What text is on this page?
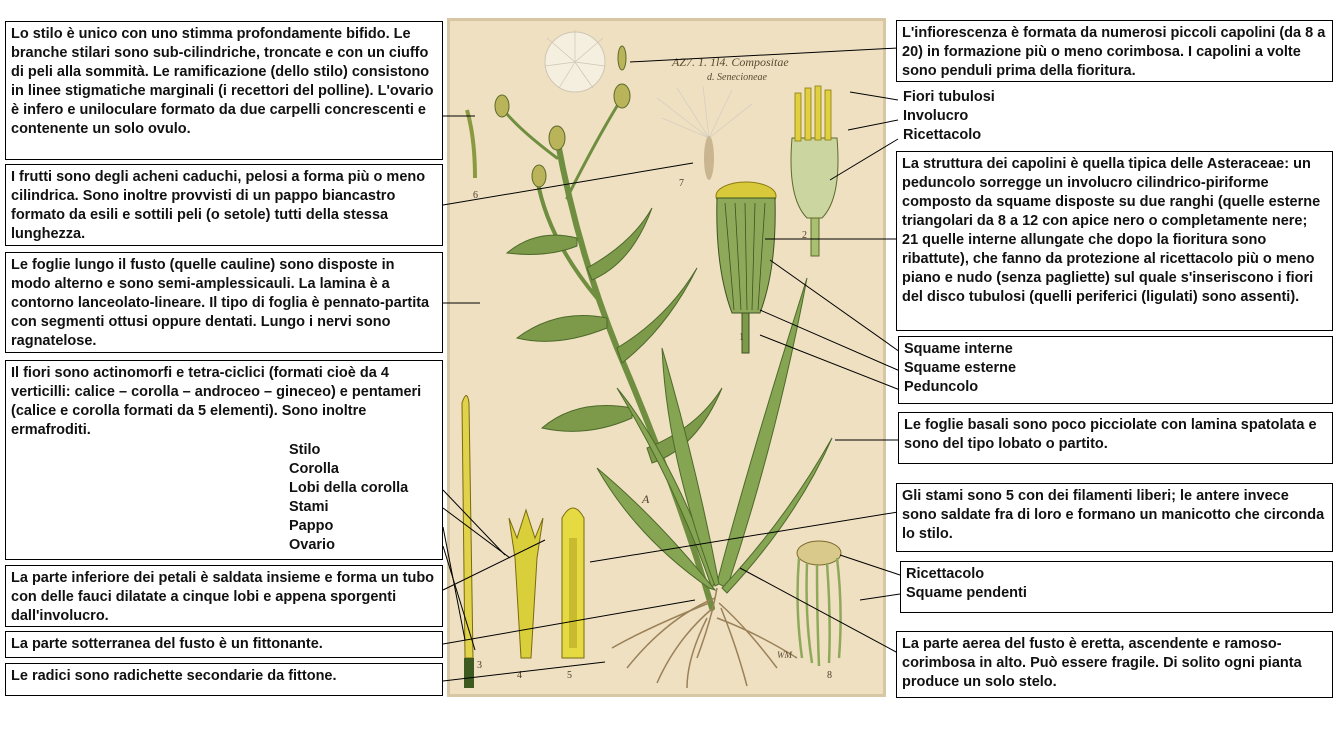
AZ7. 1. 1l4. Compositae
d. Senecioneae
6
7
A
2
1
3
4	5	8
WM

Lo stilo è unico con uno stimma profondamente bifido. Le branche stilari sono sub-cilindriche, troncate e con un ciuffo di peli alla sommità. Le ramificazione (dello stilo) consistono in linee stigmatiche marginali (i recettori del polline). L'ovario è infero e uniloculare formato da due carpelli concrescenti e contenente un solo ovulo.

I frutti sono degli acheni caduchi, pelosi a forma più o meno cilindrica. Sono inoltre provvisti di un pappo biancastro formato da esili e sottili peli (o setole) tutti della stessa lunghezza.

Le foglie lungo il fusto (quelle cauline) sono disposte in modo alterno e sono semi-amplessicauli. La lamina è a contorno lanceolato-lineare. Il tipo di foglia è pennato-partita con segmenti ottusi oppure dentati. Lungo i nervi sono ragnatelose.

Il fiori sono actinomorfi e tetra-ciclici (formati cioè da 4 verticilli: calice – corolla – androceo – gineceo) e pentameri (calice e corolla formati da 5 elementi). Sono inoltre ermafroditi.

Stilo
Corolla
Lobi della corolla
Stami
Pappo
Ovario

La parte inferiore dei petali è saldata insieme e forma un tubo con delle fauci dilatate a cinque lobi e appena sporgenti dall'involucro.

La parte sotterranea del fusto è un fittonante.

Le radici sono radichette secondarie da fittone.

L'infiorescenza è formata da numerosi piccoli capolini (da 8 a 20) in formazione più o meno corimbosa. I capolini a volte sono penduli prima della fioritura.

Fiori tubulosi
Involucro
Ricettacolo

La struttura dei capolini è quella tipica delle Asteraceae: un peduncolo sorregge un involucro cilindrico-piriforme composto da squame disposte su due ranghi (quelle esterne triangolari da 8 a 12 con apice nero o completamente nere; 21 quelle interne allungate che dopo la fioritura sono ribattute), che fanno da protezione al ricettacolo più o meno piano e nudo (senza pagliette) sul quale s'inseriscono i fiori del disco tubulosi (quelli periferici (ligulati) sono assenti).

Squame interne
Squame esterne
Peduncolo

Le foglie basali sono poco picciolate con lamina spatolata e sono del tipo lobato o partito.

Gli stami sono 5 con dei filamenti liberi; le antere invece sono saldate fra di loro e formano un manicotto che circonda lo stilo.

Ricettacolo
Squame pendenti

La parte aerea del fusto è eretta, ascendente e ramoso-corimbosa in alto. Può essere fragile. Di solito ogni pianta produce un solo stelo.
